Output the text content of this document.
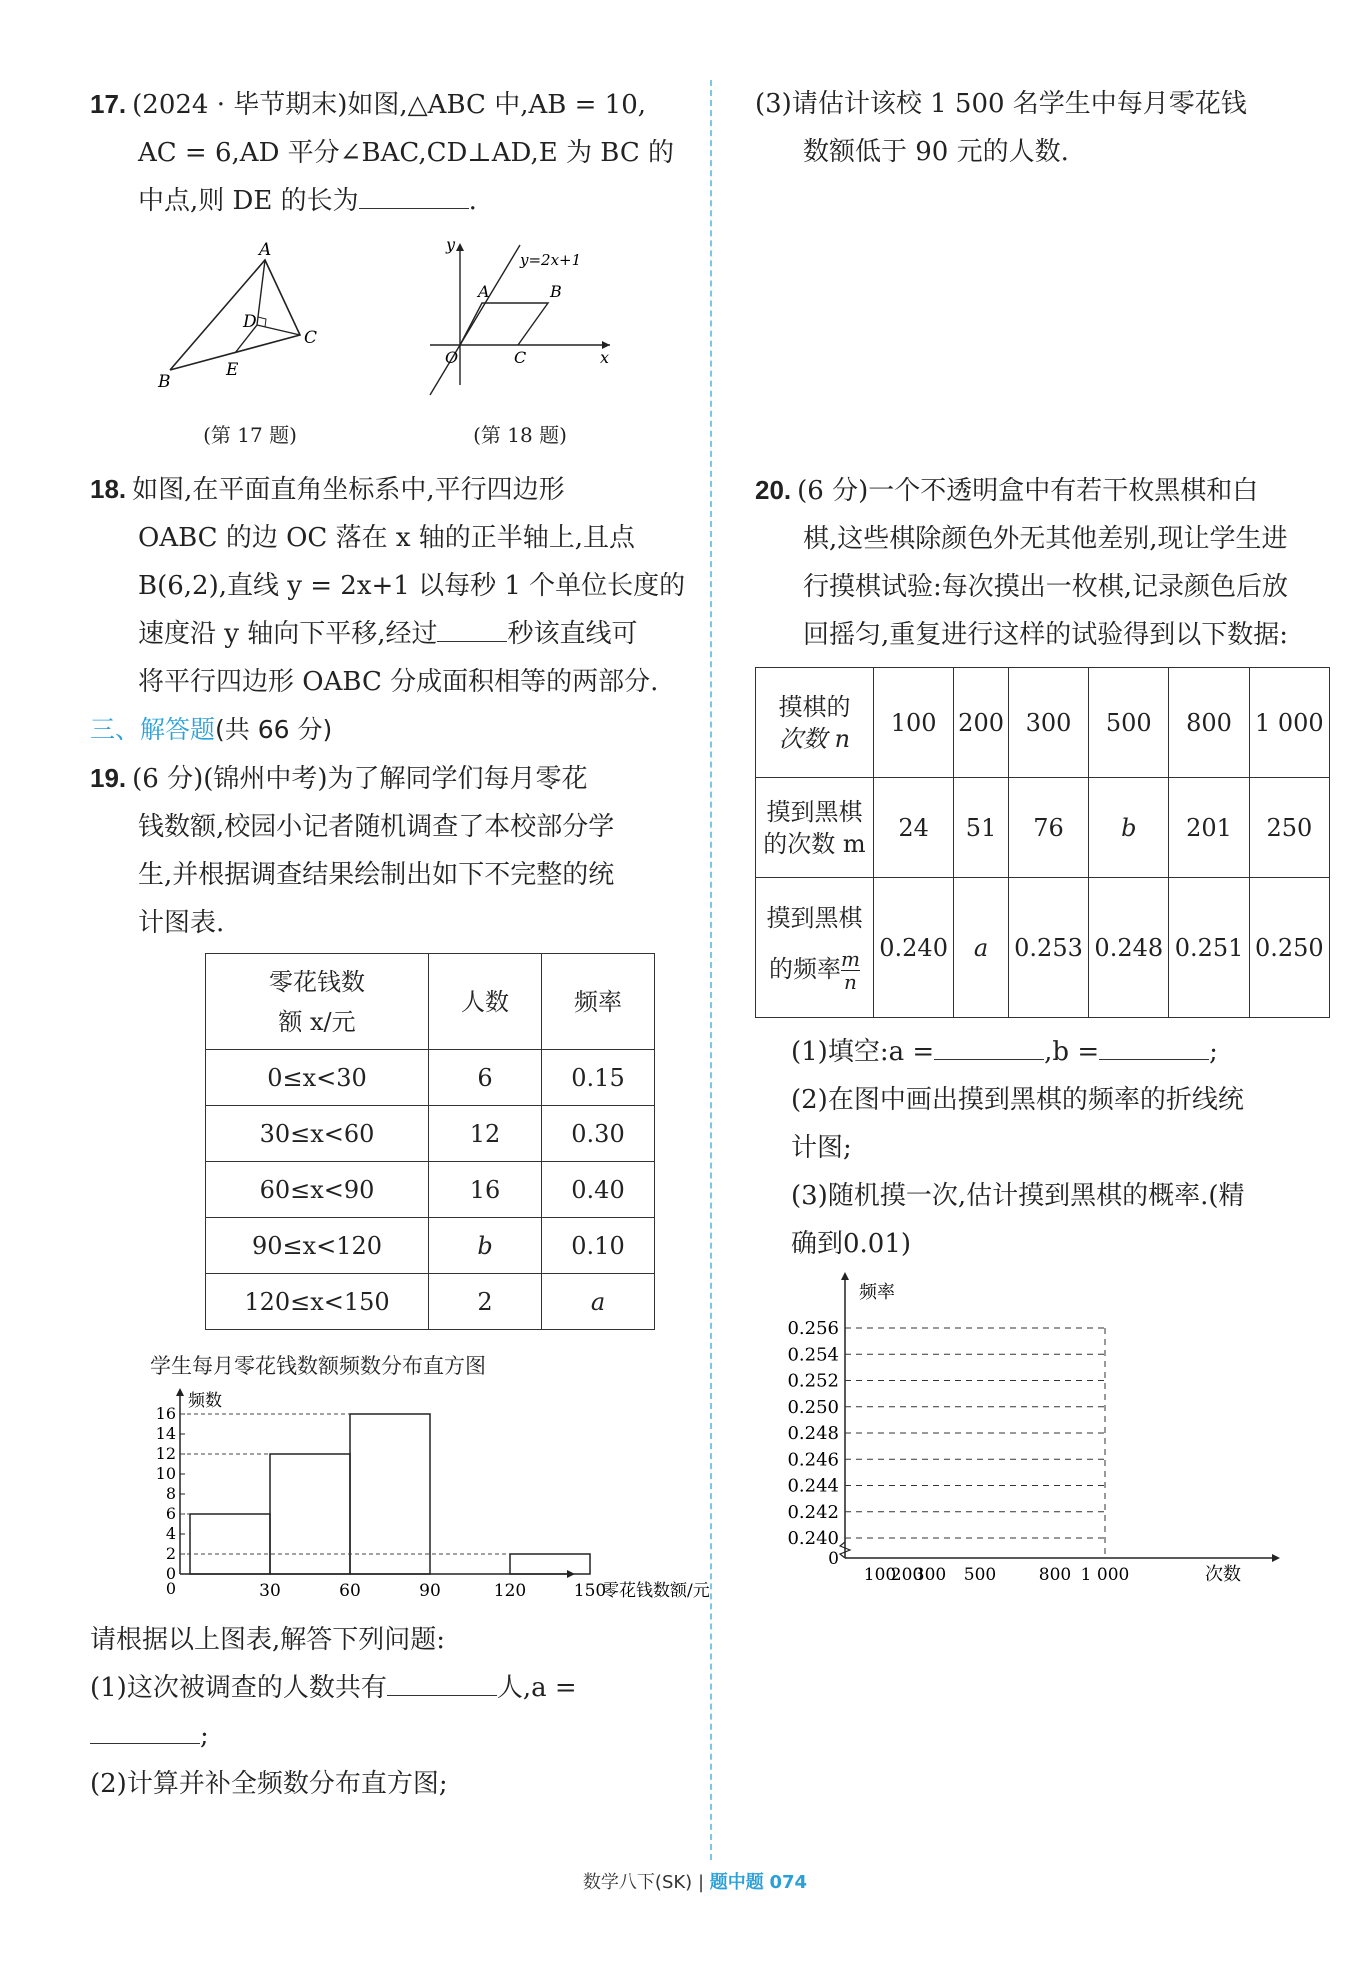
17. (2024 · 毕节期末)如图,△ABC 中,AB = 10,
AC = 6,AD 平分∠BAC,CD⊥AD,E 为 BC 的
中点,则 DE 的长为	.
A
B
C
D
E
(第 17 题)
y
x
y=2x+1
A	B
O	C
(第 18 题)
18. 如图,在平面直角坐标系中,平行四边形
OABC 的边 OC 落在 x 轴的正半轴上,且点
B(6,2),直线 y = 2x+1 以每秒 1 个单位长度的
速度沿 y 轴向下平移,经过	秒该直线可
将平行四边形 OABC 分成面积相等的两部分.
三、解答题(共 66 分)
19. (6 分)(锦州中考)为了解同学们每月零花
钱数额,校园小记者随机调查了本校部分学
生,并根据调查结果绘制出如下不完整的统
计图表.
零花钱数
额 x/元	人数	频率
0≤x<30	6	0.15
30≤x<60	12	0.30
60≤x<90	16	0.40
90≤x<120	b	0.10
120≤x<150	2	a
学生每月零花钱数额频数分布直方图
频数
0
2
4
6
8
10
12
14
16
0	30	60	90	120	150
零花钱数额/元
请根据以上图表,解答下列问题:
(1)这次被调查的人数共有	人,a =
;
(2)计算并补全频数分布直方图;
(3)请估计该校 1 500 名学生中每月零花钱
数额低于 90 元的人数.
20. (6 分)一个不透明盒中有若干枚黑棋和白
棋,这些棋除颜色外无其他差别,现让学生进
行摸棋试验:每次摸出一枚棋,记录颜色后放
回摇匀,重复进行这样的试验得到以下数据:
摸棋的
次数 n	100	200	300	500	800	1 000

摸到黑棋
的次数 m	24	51	76	b	201	250

摸到黑棋
的频率 $\frac{m}{n}$	0.240	a	0.253	0.248	0.251	0.250
(1)填空:a =	,b =	;
(2)在图中画出摸到黑棋的频率的折线统
计图;
(3)随机摸一次,估计摸到黑棋的概率.(精
确到0.01)
频率
0
0.256
0.254
0.252
0.250
0.248
0.246
0.244
0.242
0.240
100
200
300 500	800 1 000	次数
数学八下(SK) | 题中题 074
